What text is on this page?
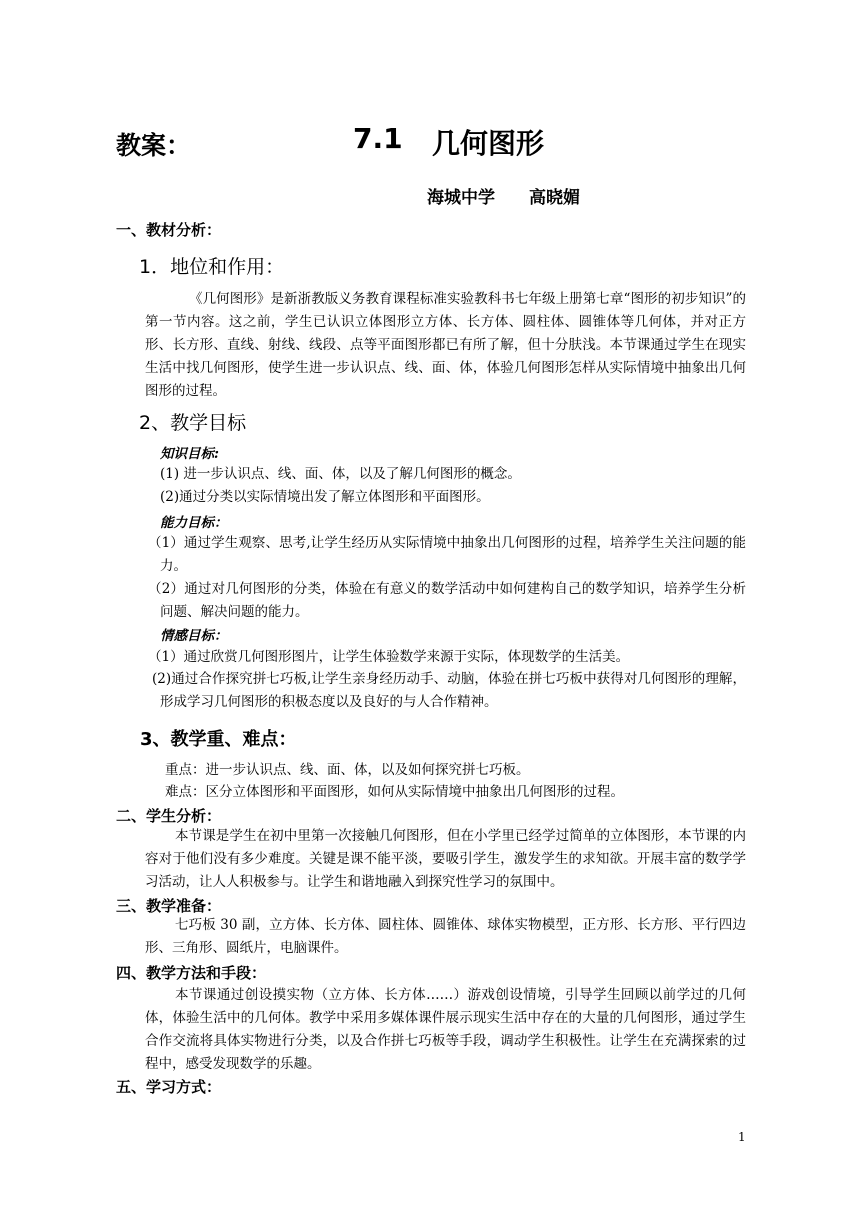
教案：	7.1 几何图形
海城中学　　高晓媚
一、教材分析：
1．地位和作用：
《几何图形》是新浙教版义务教育课程标准实验教科书七年级上册第七章“图形的初步知识”的第一节内容。这之前，学生已认识立体图形立方体、长方体、圆柱体、圆锥体等几何体，并对正方形、长方形、直线、射线、线段、点等平面图形都已有所了解，但十分肤浅。本节课通过学生在现实生活中找几何图形，使学生进一步认识点、线、面、体，体验几何图形怎样从实际情境中抽象出几何图形的过程。
2、教学目标
知识目标:
(1) 进一步认识点、线、面、体，以及了解几何图形的概念。
(2)通过分类以实际情境出发了解立体图形和平面图形。
能力目标：
（1）通过学生观察、思考,让学生经历从实际情境中抽象出几何图形的过程，培养学生关注问题的能力。
（2）通过对几何图形的分类，体验在有意义的数学活动中如何建构自己的数学知识，培养学生分析问题、解决问题的能力。
情感目标：
（1）通过欣赏几何图形图片，让学生体验数学来源于实际，体现数学的生活美。
(2)通过合作探究拼七巧板,让学生亲身经历动手、动脑，体验在拼七巧板中获得对几何图形的理解，形成学习几何图形的积极态度以及良好的与人合作精神。
3、教学重、难点：
重点：进一步认识点、线、面、体，以及如何探究拼七巧板。
难点：区分立体图形和平面图形，如何从实际情境中抽象出几何图形的过程。
二、学生分析：
本节课是学生在初中里第一次接触几何图形，但在小学里已经学过简单的立体图形，本节课的内容对于他们没有多少难度。关键是课不能平淡，要吸引学生，激发学生的求知欲。开展丰富的数学学习活动，让人人积极参与。让学生和谐地融入到探究性学习的氛围中。
三、教学准备：
七巧板 30 副，立方体、长方体、圆柱体、圆锥体、球体实物模型，正方形、长方形、平行四边形、三角形、圆纸片，电脑课件。
四、教学方法和手段：
本节课通过创设摸实物（立方体、长方体……）游戏创设情境，引导学生回顾以前学过的几何体，体验生活中的几何体。教学中采用多媒体课件展示现实生活中存在的大量的几何图形，通过学生合作交流将具体实物进行分类，以及合作拼七巧板等手段，调动学生积极性。让学生在充满探索的过程中，感受发现数学的乐趣。
五、学习方式：
1
